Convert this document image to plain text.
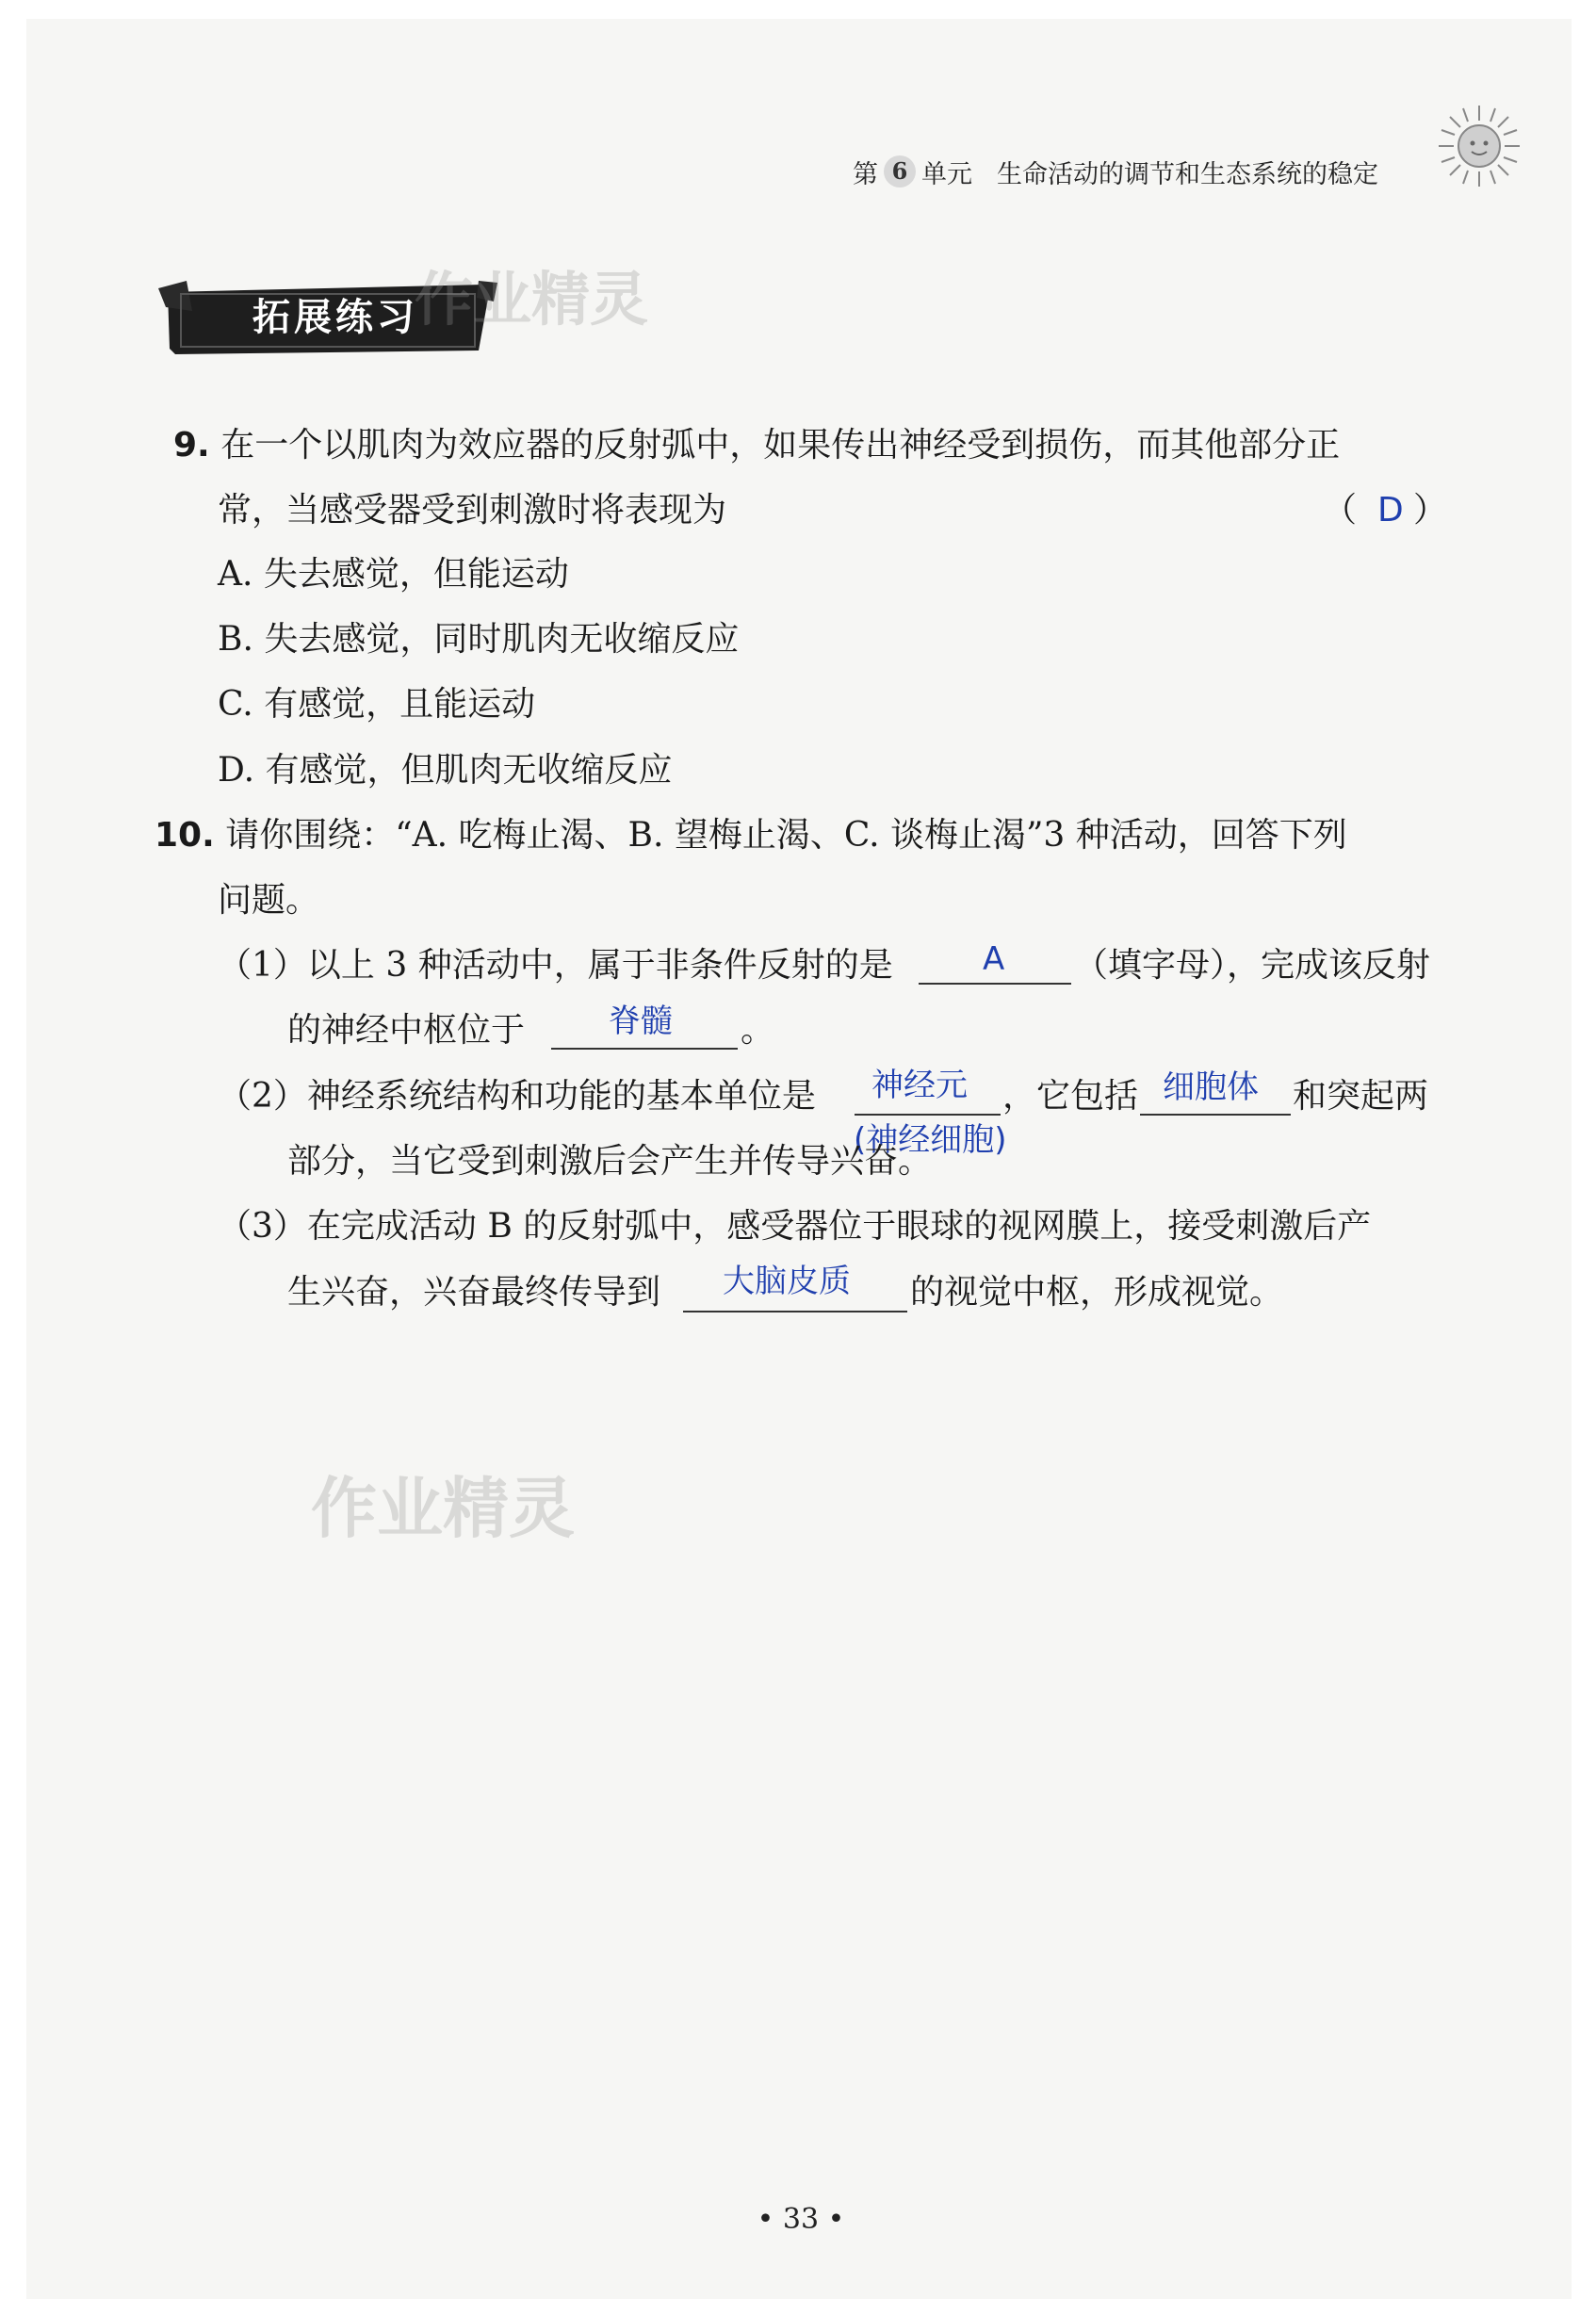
第 6 单元 生命活动的调节和生态系统的稳定
拓展练习
作业精灵
作业精灵
9. 在一个以肌肉为效应器的反射弧中，如果传出神经受到损伤，而其他部分正
常，当感受器受到刺激时将表现为	（ D ）
A. 失去感觉，但能运动
B. 失去感觉，同时肌肉无收缩反应
C. 有感觉，且能运动
D. 有感觉，但肌肉无收缩反应
10. 请你围绕：“A. 吃梅止渴、B. 望梅止渴、C. 谈梅止渴”3 种活动，回答下列
问题。
（1）以上 3 种活动中，属于非条件反射的是	A （填字母），完成该反射
的神经中枢位于	脊髓 。
（2）神经系统结构和功能的基本单位是 神经元
(神经细胞)
，它包括 细胞体 和突起两
部分，当它受到刺激后会产生并传导兴奋。
（3）在完成活动 B 的反射弧中，感受器位于眼球的视网膜上，接受刺激后产
生兴奋，兴奋最终传导到 大脑皮质 的视觉中枢，形成视觉。
• 33 •
